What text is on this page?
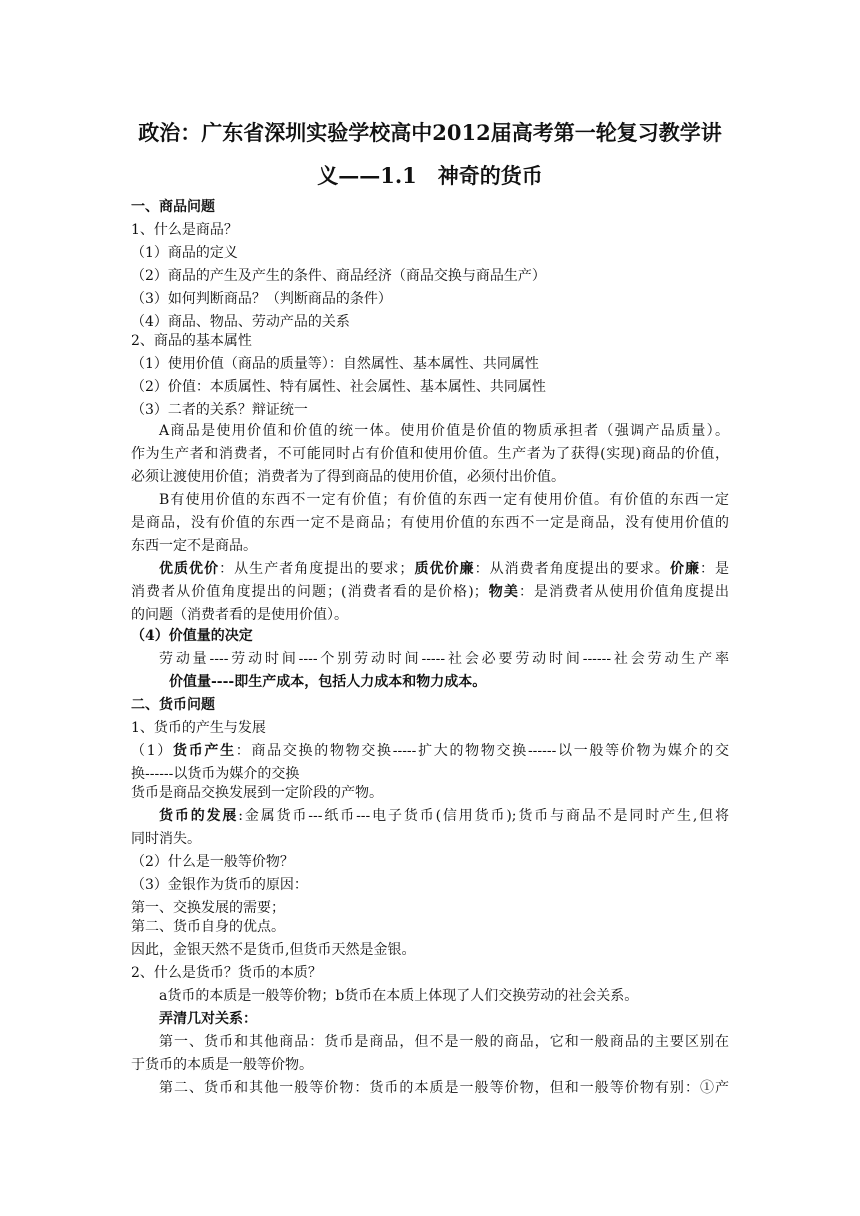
政治：广东省深圳实验学校高中2012届高考第一轮复习教学讲
义——1.1　神奇的货币
一、商品问题
1、什么是商品？
（1）商品的定义
（2）商品的产生及产生的条件、商品经济（商品交换与商品生产）
（3）如何判断商品？（判断商品的条件）
（4）商品、物品、劳动产品的关系
2、商品的基本属性
（1）使用价值（商品的质量等）：自然属性、基本属性、共同属性
（2）价值：本质属性、特有属性、社会属性、基本属性、共同属性
（3）二者的关系？辩证统一
A商品是使用价值和价值的统一体。使用价值是价值的物质承担者（强调产品质量）。
作为生产者和消费者，不可能同时占有价值和使用价值。生产者为了获得(实现)商品的价值，
必须让渡使用价值；消费者为了得到商品的使用价值，必须付出价值。
B有使用价值的东西不一定有价值；有价值的东西一定有使用价值。有价值的东西一定
是商品，没有价值的东西一定不是商品；有使用价值的东西不一定是商品，没有使用价值的
东西一定不是商品。
优质优价：从生产者角度提出的要求；质优价廉：从消费者角度提出的要求。价廉：是
消费者从价值角度提出的问题；(消费者看的是价格)；物美：是消费者从使用价值角度提出
的问题（消费者看的是使用价值）。
（4）价值量的决定
劳动量----劳动时间----个别劳动时间-----社会必要劳动时间------社会劳动生产率
价值量----即生产成本，包括人力成本和物力成本。
二、货币问题
1、货币的产生与发展
（1）货币产生：商品交换的物物交换-----扩大的物物交换------以一般等价物为媒介的交
换------以货币为媒介的交换
货币是商品交换发展到一定阶段的产物。
货币的发展:金属货币---纸币---电子货币(信用货币);货币与商品不是同时产生,但将
同时消失。
（2）什么是一般等价物？
（3）金银作为货币的原因：
第一、交换发展的需要；
第二、货币自身的优点。
因此，金银天然不是货币,但货币天然是金银。
2、什么是货币？货币的本质？
a货币的本质是一般等价物；b货币在本质上体现了人们交换劳动的社会关系。
弄清几对关系：
第一、货币和其他商品：货币是商品，但不是一般的商品，它和一般商品的主要区别在
于货币的本质是一般等价物。
第二、货币和其他一般等价物：货币的本质是一般等价物，但和一般等价物有别：①产
